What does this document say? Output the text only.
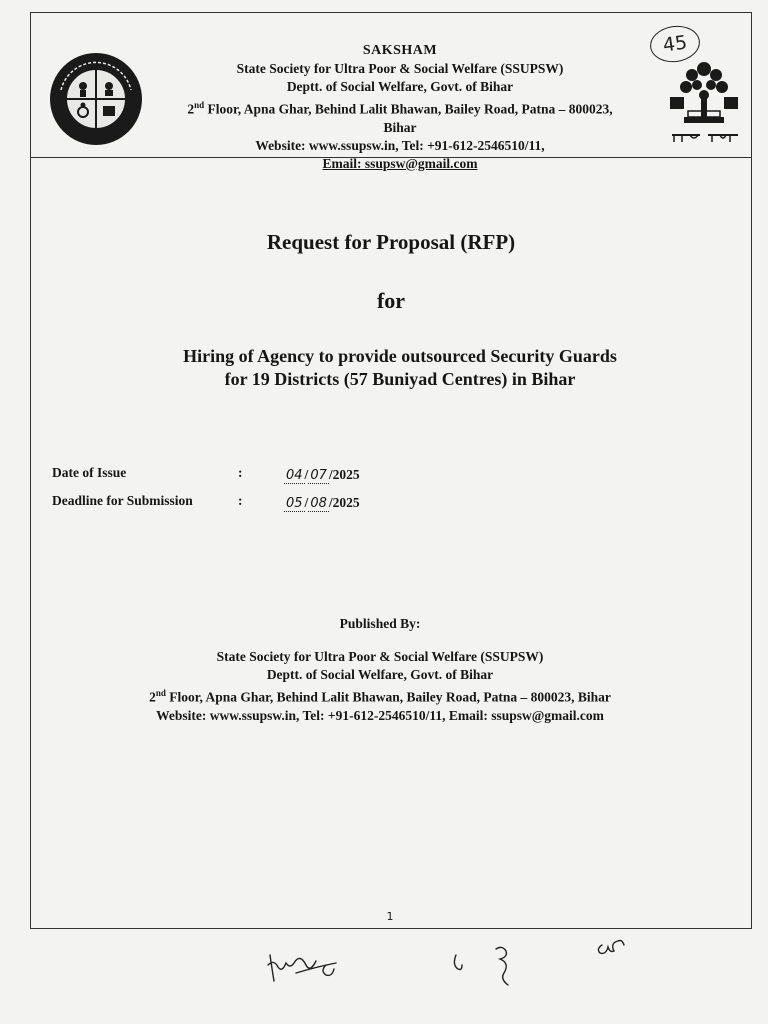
SAKSHAM
State Society for Ultra Poor & Social Welfare (SSUPSW)
Deptt. of Social Welfare, Govt. of Bihar
2nd Floor, Apna Ghar, Behind Lalit Bhawan, Bailey Road, Patna – 800023,
Bihar
Website: www.ssupsw.in, Tel: +91-612-2546510/11,
Email: ssupsw@gmail.com
45
Request for Proposal (RFP)
for
Hiring of Agency to provide outsourced Security Guards
for 19 Districts (57 Buniyad Centres) in Bihar
Date of Issue	:	04 / 07 /2025
Deadline for Submission	:	05 / 08 /2025
Published By:
State Society for Ultra Poor & Social Welfare (SSUPSW)
Deptt. of Social Welfare, Govt. of Bihar
2nd Floor, Apna Ghar, Behind Lalit Bhawan, Bailey Road, Patna – 800023, Bihar
Website: www.ssupsw.in, Tel: +91-612-2546510/11, Email: ssupsw@gmail.com
1
